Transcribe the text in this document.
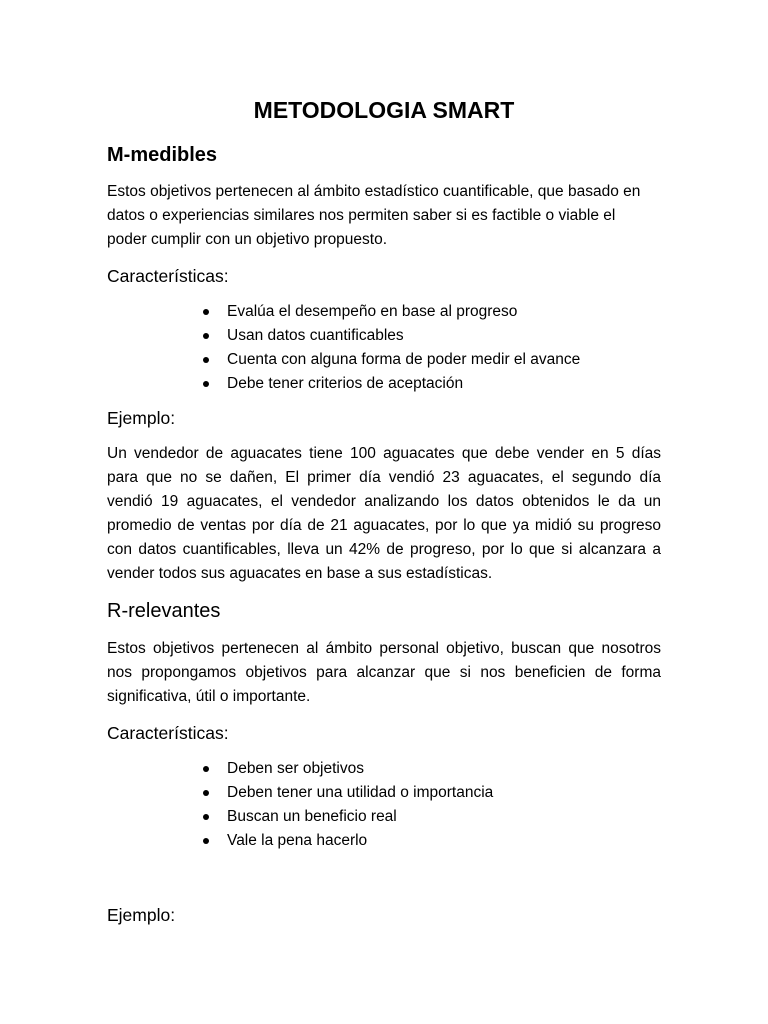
METODOLOGIA SMART
M-medibles
Estos objetivos pertenecen al ámbito estadístico cuantificable, que basado en
datos o experiencias similares nos permiten saber si es factible o viable el
poder cumplir con un objetivo propuesto.
Características:
Evalúa el desempeño en base al progreso
Usan datos cuantificables
Cuenta con alguna forma de poder medir el avance
Debe tener criterios de aceptación
Ejemplo:
Un vendedor de aguacates tiene 100 aguacates que debe vender en 5 días
para que no se dañen, El primer día vendió 23 aguacates, el segundo día
vendió 19 aguacates, el vendedor analizando los datos obtenidos le da un
promedio de ventas por día de 21 aguacates, por lo que ya midió su progreso
con datos cuantificables, lleva un 42% de progreso, por lo que si alcanzara a
vender todos sus aguacates en base a sus estadísticas.
R-relevantes
Estos objetivos pertenecen al ámbito personal objetivo, buscan que nosotros
nos propongamos objetivos para alcanzar que si nos beneficien de forma
significativa, útil o importante.
Características:
Deben ser objetivos
Deben tener una utilidad o importancia
Buscan un beneficio real
Vale la pena hacerlo
Ejemplo:
